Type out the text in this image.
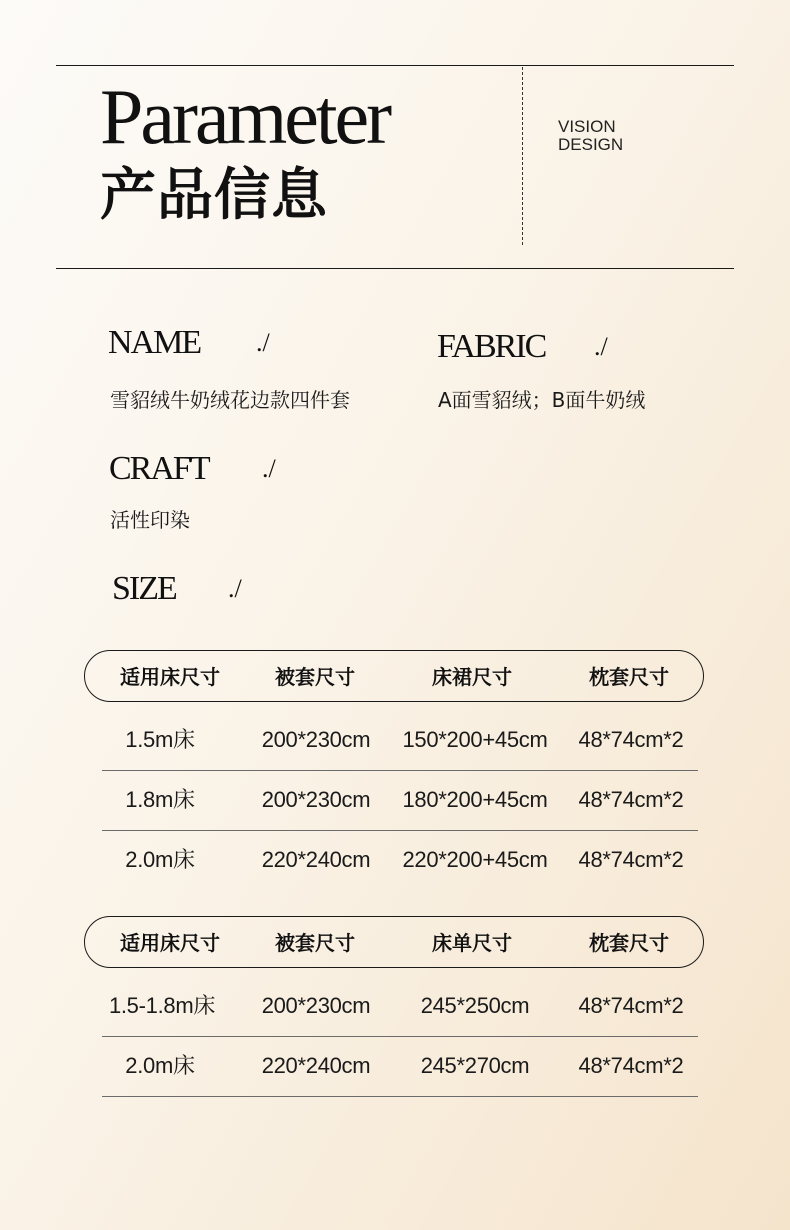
Parameter
产品信息
VISION
DESIGN
NAME ./
雪貂绒牛奶绒花边款四件套
FABRIC ./
A面雪貂绒；B面牛奶绒
CRAFT ./
活性印染
SIZE ./
适用床尺寸	被套尺寸	床裙尺寸	枕套尺寸
1.5m床	200*230cm	150*200+45cm	48*74cm*2
1.8m床	200*230cm	180*200+45cm	48*74cm*2
2.0m床	220*240cm	220*200+45cm	48*74cm*2
适用床尺寸	被套尺寸	床单尺寸	枕套尺寸
1.5-1.8m床	200*230cm	245*250cm	48*74cm*2
2.0m床	220*240cm	245*270cm	48*74cm*2
